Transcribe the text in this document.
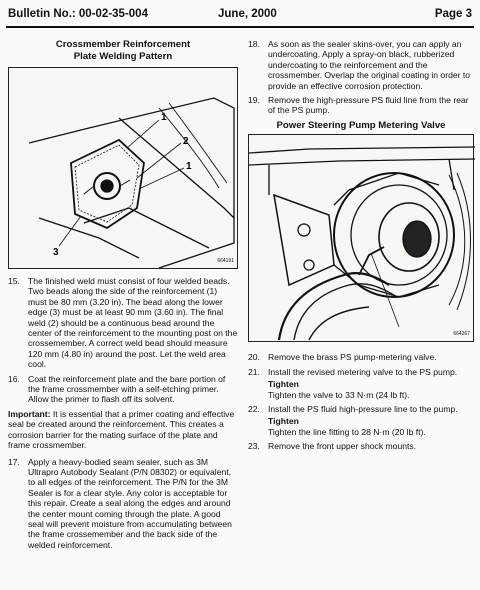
Bulletin No.: 00-02-35-004	June, 2000	Page 3
Crossmember Reinforcement Plate Welding Pattern
1
2
1
3
664191
15. The finished weld must consist of four welded beads. Two beads along the side of the reinforcement (1) must be 80 mm (3.20 in). The bead along the lower edge (3) must be at least 90 mm (3.60 in). The final weld (2) should be a continuous bead around the center of the reinforcement to the mounting post on the crossemember. A correct weld bead should measure 120 mm (4.80 in) around the post. Let the weld area cool.
16. Coat the reinforcement plate and the bare portion of the frame crossmember with a self-etching primer. Allow the primer to flash off its solvent.
Important: It is essential that a primer coating and effective seal be created around the reinforcement. This creates a corrosion barrier for the mating surface of the plate and frame crossmember.
17. Apply a heavy-bodied seam sealer, such as 3M Ultrapro Autobody Sealant (P/N 08302) or equivalent, to all edges of the reinforcement. The P/N for the 3M Sealer is for a clear style. Any color is acceptable for this repair. Create a seal along the edges and around the center mount coming through the plate. A good seal will prevent moisture from accumulating between the frame crossemember and the back side of the welded reinforcement.
18. As soon as the sealer skins-over, you can apply an undercoating. Apply a spray-on black, rubberized undercoating to the reinforcement and the crossmember. Overlap the original coating in order to provide an effective corrosion protection.
19. Remove the high-pressure PS fluid line from the rear of the PS pump.
Power Steering Pump Metering Valve
664267
20. Remove the brass PS pump-metering valve.
21. Install the revised metering valve to the PS pump.
Tighten
Tighten the valve to 33 N·m (24 lb ft).
22. Install the PS fluid high-pressure line to the pump.
Tighten
Tighten the line fitting to 28 N·m (20 lb ft).
23. Remove the front upper shock mounts.
